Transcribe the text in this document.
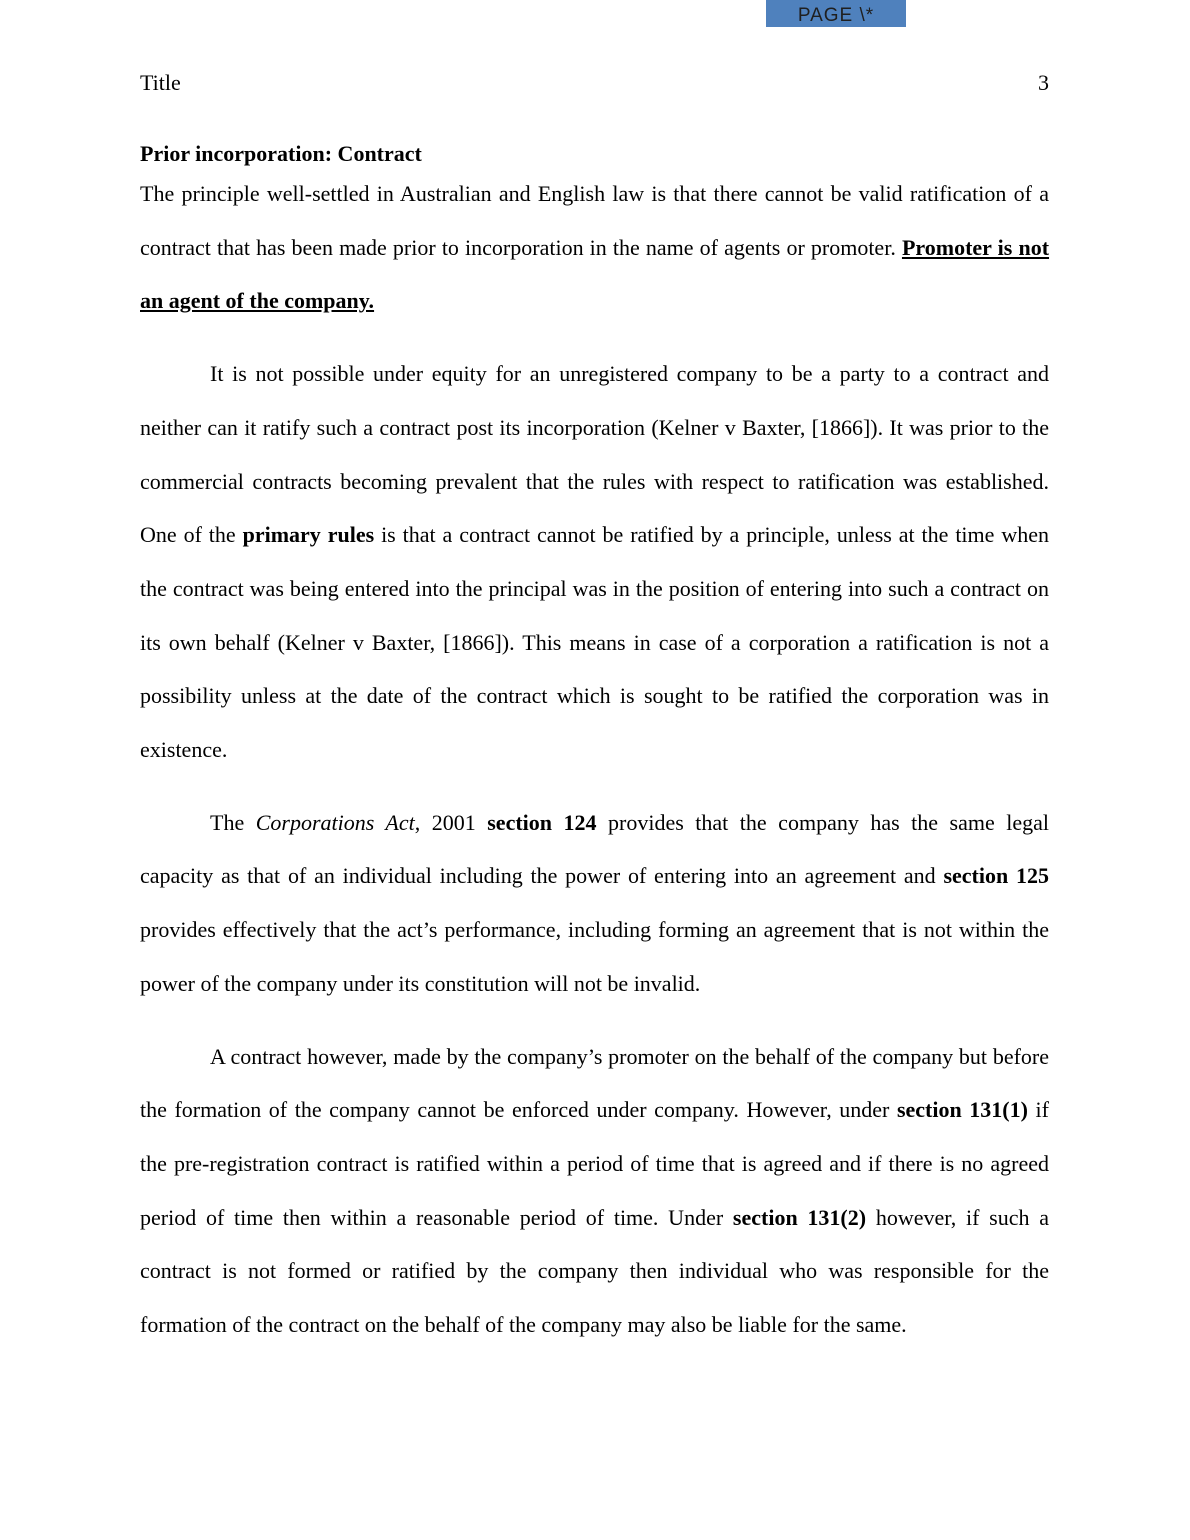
PAGE \*
Title	3

Prior incorporation: Contract

The principle well-settled in Australian and English law is that there cannot be valid ratification of a contract that has been made prior to incorporation in the name of agents or promoter. Promoter is not an agent of the company.

It is not possible under equity for an unregistered company to be a party to a contract and neither can it ratify such a contract post its incorporation (Kelner v Baxter, [1866]). It was prior to the commercial contracts becoming prevalent that the rules with respect to ratification was established. One of the primary rules is that a contract cannot be ratified by a principle, unless at the time when the contract was being entered into the principal was in the position of entering into such a contract on its own behalf (Kelner v Baxter, [1866]). This means in case of a corporation a ratification is not a possibility unless at the date of the contract which is sought to be ratified the corporation was in existence.

The Corporations Act, 2001 section 124 provides that the company has the same legal capacity as that of an individual including the power of entering into an agreement and section 125 provides effectively that the act’s performance, including forming an agreement that is not within the power of the company under its constitution will not be invalid.

A contract however, made by the company’s promoter on the behalf of the company but before the formation of the company cannot be enforced under company. However, under section 131(1) if the pre-registration contract is ratified within a period of time that is agreed and if there is no agreed period of time then within a reasonable period of time. Under section 131(2) however, if such a contract is not formed or ratified by the company then individual who was responsible for the formation of the contract on the behalf of the company may also be liable for the same.
